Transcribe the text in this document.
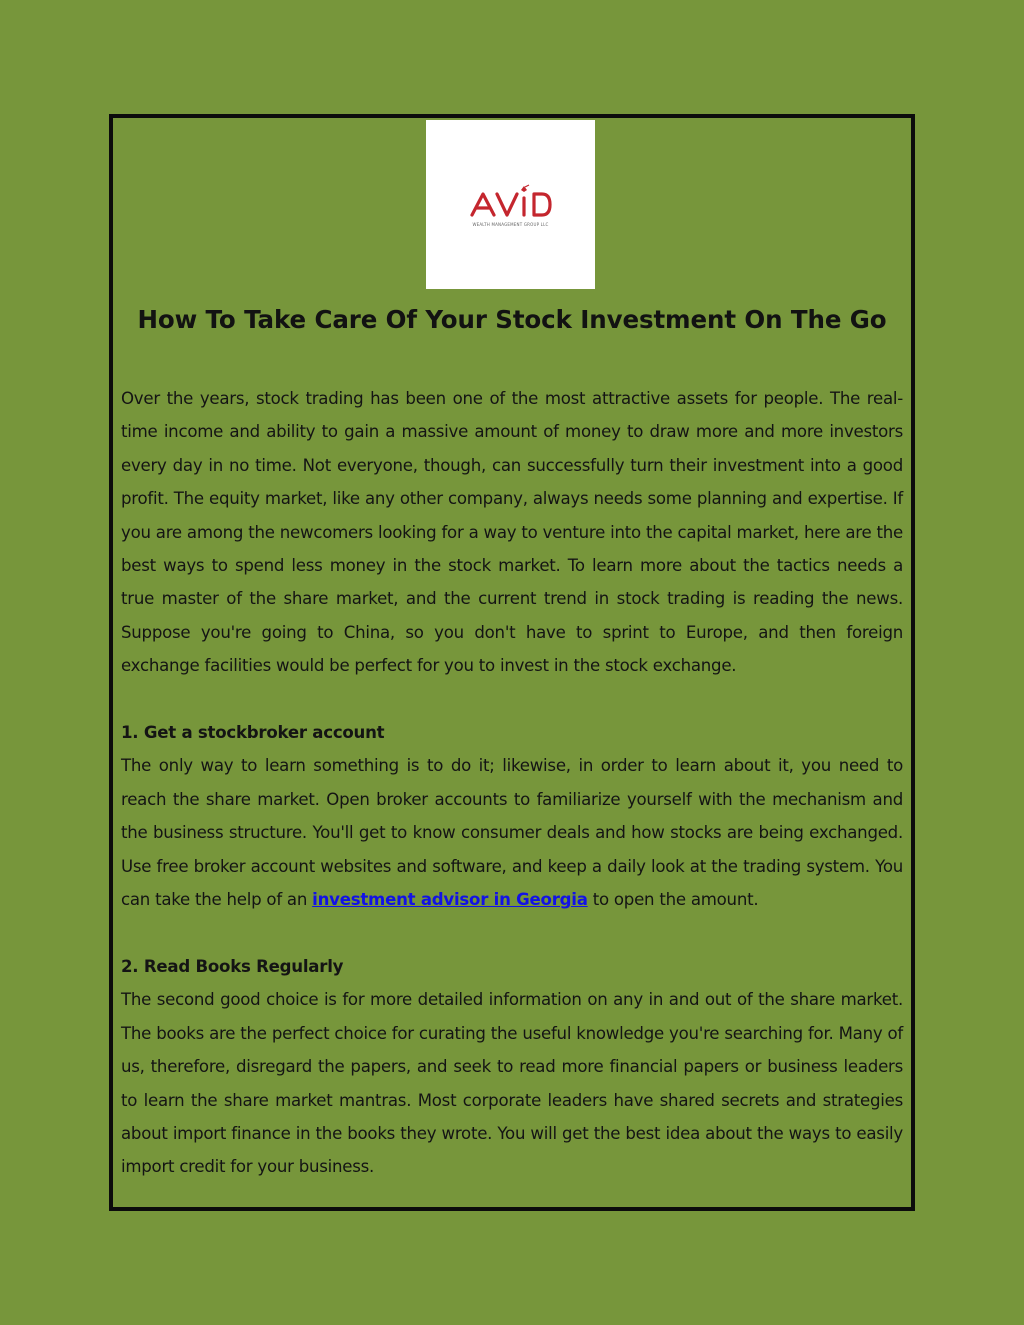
WEALTH MANAGEMENT GROUP LLC
How To Take Care Of Your Stock Investment On The Go

Over the years, stock trading has been one of the most attractive assets for people. The real-time income and ability to gain a massive amount of money to draw more and more investors every day in no time. Not everyone, though, can successfully turn their investment into a good profit. The equity market, like any other company, always needs some planning and expertise. If you are among the newcomers looking for a way to venture into the capital market, here are the best ways to spend less money in the stock market. To learn more about the tactics needs a true master of the share market, and the current trend in stock trading is reading the news. Suppose you're going to China, so you don't have to sprint to Europe, and then foreign exchange facilities would be perfect for you to invest in the stock exchange.

1. Get a stockbroker account

The only way to learn something is to do it; likewise, in order to learn about it, you need to reach the share market. Open broker accounts to familiarize yourself with the mechanism and the business structure. You'll get to know consumer deals and how stocks are being exchanged. Use free broker account websites and software, and keep a daily look at the trading system. You can take the help of an investment advisor in Georgia to open the amount.

2. Read Books Regularly

The second good choice is for more detailed information on any in and out of the share market. The books are the perfect choice for curating the useful knowledge you're searching for. Many of us, therefore, disregard the papers, and seek to read more financial papers or business leaders to learn the share market mantras. Most corporate leaders have shared secrets and strategies about import finance in the books they wrote. You will get the best idea about the ways to easily import credit for your business.
